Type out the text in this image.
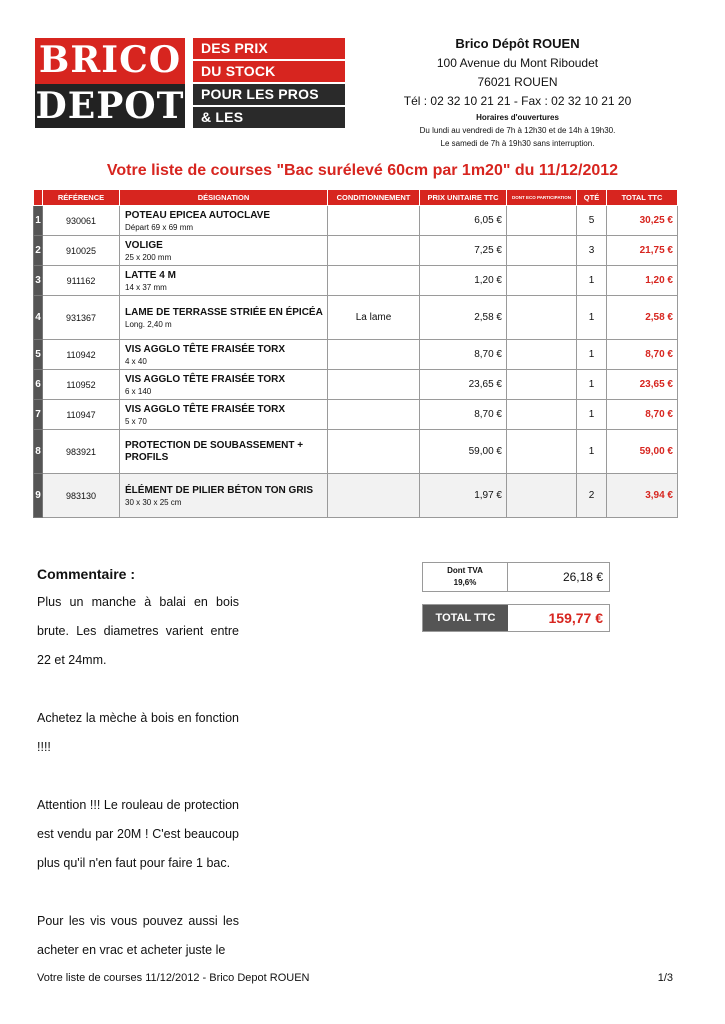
BRICO
DEPOT
DES PRIX
DU STOCK
POUR LES PROS
& LES PARTICULIERS
Brico Dépôt ROUEN
100 Avenue du Mont Riboudet
76021 ROUEN
Tél : 02 32 10 21 21 - Fax : 02 32 10 21 20
Horaires d'ouvertures
Du lundi au vendredi de 7h à 12h30 et de 14h à 19h30.
Le samedi de 7h à 19h30 sans interruption.
Votre liste de courses "Bac surélevé 60cm par 1m20" du 11/12/2012
	RÉFÉRENCE	DÉSIGNATION	CONDITIONNEMENT	PRIX UNITAIRE TTC	DONT ECO PARTICIPATION	QTÉ	TOTAL TTC
1	930061	POTEAU EPICEA AUTOCLAVE
Départ 69 x 69 mm		6,05 €		5	30,25 €
2	910025	VOLIGE
25 x 200 mm		7,25 €		3	21,75 €
3	911162	LATTE 4 M
14 x 37 mm		1,20 €		1	1,20 €
4	931367	LAME DE TERRASSE STRIÉE EN ÉPICÉA
Long. 2,40 m	La lame	2,58 €		1	2,58 €
5	110942	VIS AGGLO TÊTE FRAISÉE TORX
4 x 40		8,70 €		1	8,70 €
6	110952	VIS AGGLO TÊTE FRAISÉE TORX
6 x 140		23,65 €		1	23,65 €
7	110947	VIS AGGLO TÊTE FRAISÉE TORX
5 x 70		8,70 €		1	8,70 €
8	983921	PROTECTION DE SOUBASSEMENT + PROFILS		59,00 €		1	59,00 €
9	983130	ÉLÉMENT DE PILIER BÉTON TON GRIS
30 x 30 x 25 cm		1,97 €		2	3,94 €
Commentaire :

Plus un manche à balai en bois brute. Les diametres varient entre 22 et 24mm.

Achetez la mèche à bois en fonction !!!!

Attention !!! Le rouleau de protection est vendu par 20M ! C'est beaucoup plus qu'il n'en faut pour faire 1 bac.

Pour les vis vous pouvez aussi les acheter en vrac et acheter juste le

Dont TVA
19,6%	26,18 €
TOTAL TTC	159,77 €
Votre liste de courses 11/12/2012 - Brico Depot ROUEN	1/3
